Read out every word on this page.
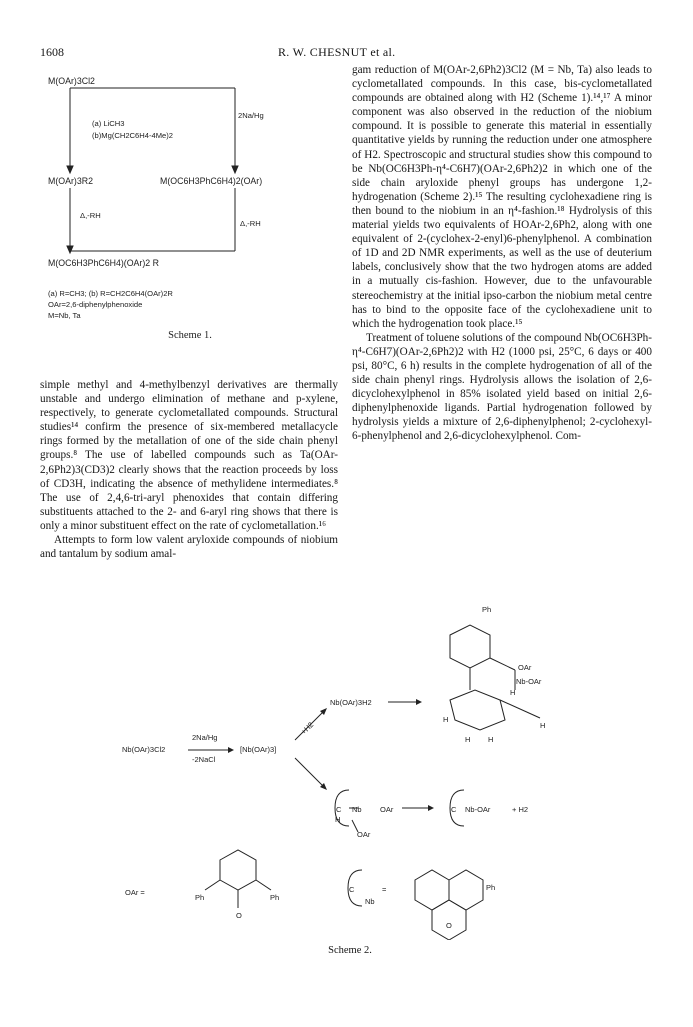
1608	R. W. CHESNUT et al.
M(OAr)3Cl2
(a) LiCH3
(b)Mg(CH2C6H4-4Me)2
2Na/Hg
M(OAr)3R2	M(OC6H3PhC6H4)2(OAr)
Δ,-RH
Δ,-RH
M(OC6H3PhC6H4)(OAr)2 R
(a) R=CH3; (b) R=CH2C6H4(OAr)2R
OAr=2,6-diphenylphenoxide
M=Nb, Ta
Scheme 1.

simple methyl and 4-methylbenzyl derivatives are thermally unstable and undergo elimination of methane and p-xylene, respectively, to generate cyclometallated compounds. Structural studies¹⁴ confirm the presence of six-membered metallacycle rings formed by the metallation of one of the side chain phenyl groups.⁸ The use of labelled compounds such as Ta(OAr-2,6Ph2)3(CD3)2 clearly shows that the reaction proceeds by loss of CD3H, indicating the absence of methylidene intermediates.⁸ The use of 2,4,6-tri-aryl phenoxides that contain differing substituents attached to the 2- and 6-aryl ring shows that there is only a minor substituent effect on the rate of cyclometallation.¹⁶

Attempts to form low valent aryloxide compounds of niobium and tantalum by sodium amal-

gam reduction of M(OAr-2,6Ph2)3Cl2 (M = Nb, Ta) also leads to cyclometallated compounds. In this case, bis-cyclometallated compounds are obtained along with H2 (Scheme 1).¹⁴,¹⁷ A minor component was also observed in the reduction of the niobium compound. It is possible to generate this material in essentially quantitative yields by running the reduction under one atmosphere of H2. Spectroscopic and structural studies show this compound to be Nb(OC6H3Ph-η⁴-C6H7)(OAr-2,6Ph2)2 in which one of the side chain aryloxide phenyl groups has undergone 1,2-hydrogenation (Scheme 2).¹⁵ The resulting cyclohexadiene ring is then bound to the niobium in an η⁴-fashion.¹⁸ Hydrolysis of this material yields two equivalents of HOAr-2,6Ph2, along with one equivalent of 2-(cyclohex-2-enyl)6-phenylphenol. A combination of 1D and 2D NMR experiments, as well as the use of deuterium labels, conclusively show that the two hydrogen atoms are added in a mutually cis-fashion. However, due to the unfavourable stereochemistry at the initial ipso-carbon the niobium metal centre has to bind to the opposite face of the cyclohexadiene unit to which the hydrogenation took place.¹⁵

Treatment of toluene solutions of the compound Nb(OC6H3Ph-η⁴-C6H7)(OAr-2,6Ph2)2 with H2 (1000 psi, 25°C, 6 days or 400 psi, 80°C, 6 h) results in the complete hydrogenation of all of the side chain phenyl rings. Hydrolysis allows the isolation of 2,6-dicyclohexylphenol in 85% isolated yield based on initial 2,6-diphenylphenoxide ligands. Partial hydrogenation followed by hydrolysis yields a mixture of 2,6-diphenylphenol; 2-cyclohexyl-6-phenylphenol and 2,6-dicyclohexylphenol. Com-

Nb(OAr)3Cl2
2Na/Hg
-2NaCl
[Nb(OAr)3]
+H2
Nb(OAr)3H2
Ph
OAr
Nb-OAr
H
H
H H
H
C Nb OAr
H
OAr
C Nb-OAr	+ H2
OAr =
Ph	Ph
O
C
Nb
=	Ph
O
Scheme 2.
